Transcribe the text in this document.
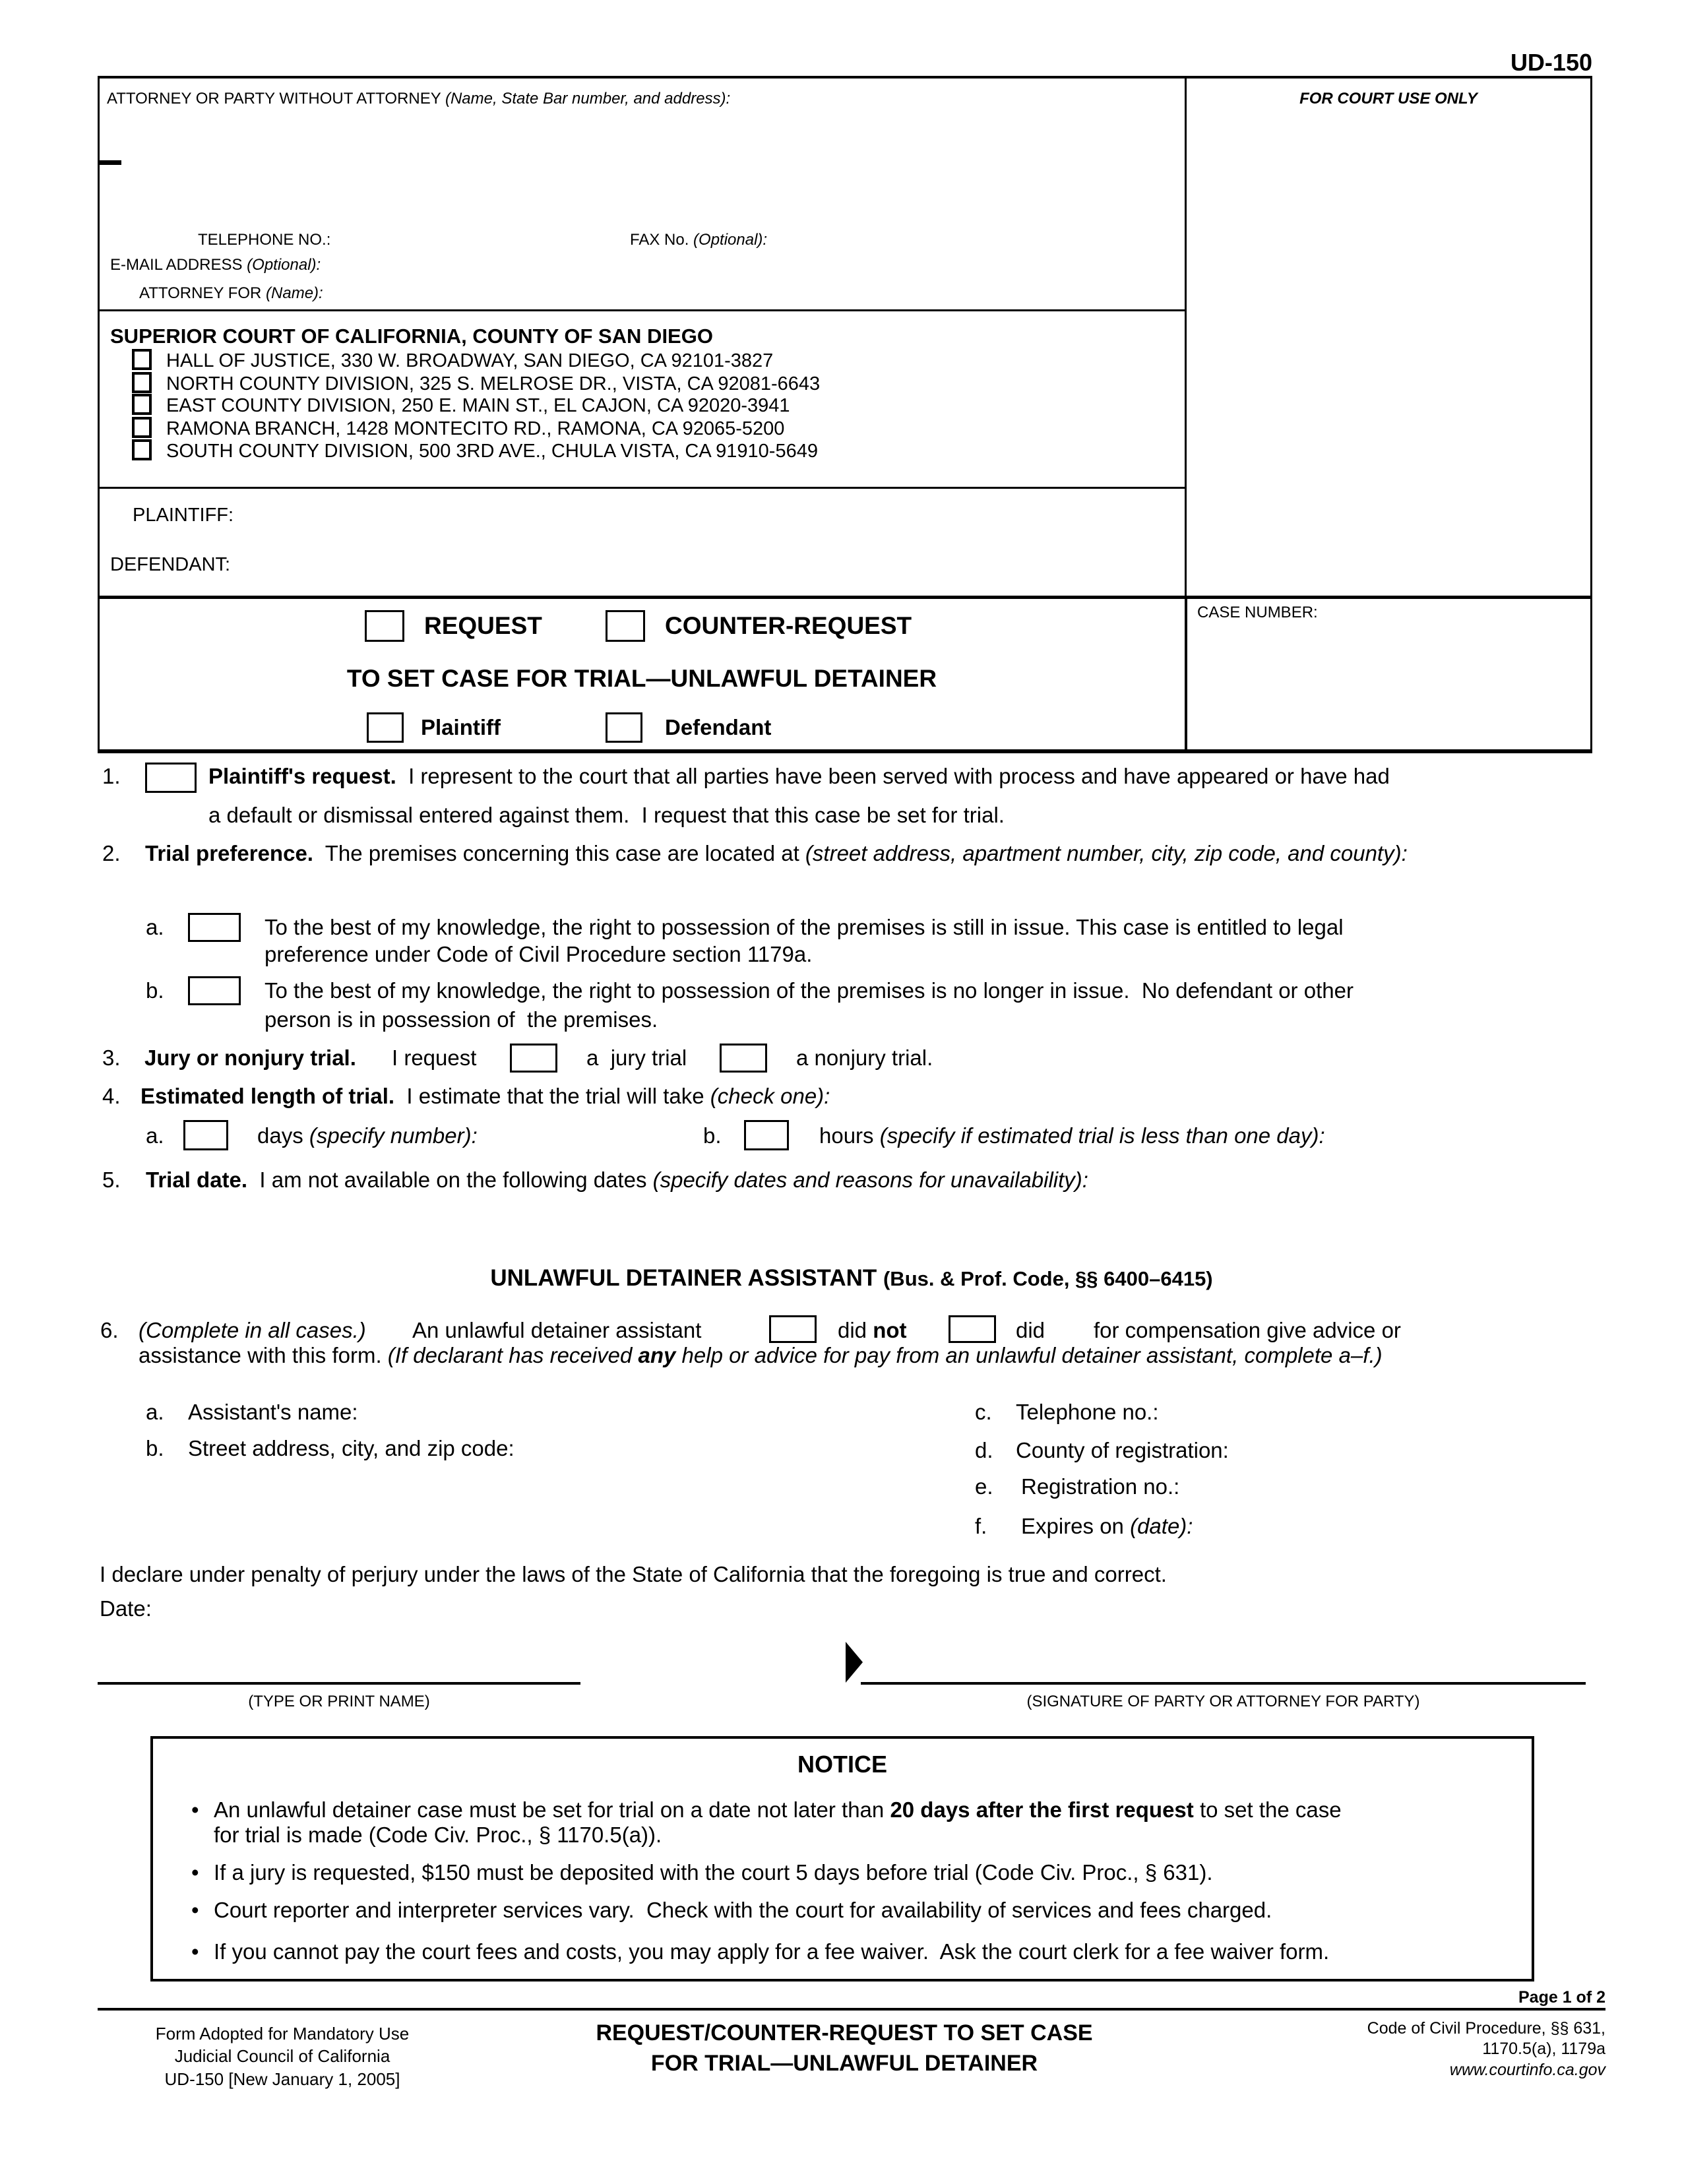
UD-150
ATTORNEY OR PARTY WITHOUT ATTORNEY (Name, State Bar number, and address):
TELEPHONE NO.:	FAX No. (Optional):
E-MAIL ADDRESS (Optional):
ATTORNEY FOR (Name):
FOR COURT USE ONLY
SUPERIOR COURT OF CALIFORNIA, COUNTY OF SAN DIEGO
HALL OF JUSTICE, 330 W. BROADWAY, SAN DIEGO, CA 92101-3827
NORTH COUNTY DIVISION, 325 S. MELROSE DR., VISTA, CA 92081-6643
EAST COUNTY DIVISION, 250 E. MAIN ST., EL CAJON, CA 92020-3941
RAMONA BRANCH, 1428 MONTECITO RD., RAMONA, CA 92065-5200
SOUTH COUNTY DIVISION, 500 3RD AVE., CHULA VISTA, CA 91910-5649
PLAINTIFF:
DEFENDANT:
REQUEST	COUNTER-REQUEST
TO SET CASE FOR TRIAL—UNLAWFUL DETAINER
Plaintiff	Defendant
CASE NUMBER:
1.	Plaintiff's request. I represent to the court that all parties have been served with process and have appeared or have had
a default or dismissal entered against them.  I request that this case be set for trial.
2. Trial preference.  The premises concerning this case are located at (street address, apartment number, city, zip code, and county):
a.	To the best of my knowledge, the right to possession of the premises is still in issue. This case is entitled to legal
preference under Code of Civil Procedure section 1179a.
b.	To the best of my knowledge, the right to possession of the premises is no longer in issue.  No defendant or other
person is in possession of  the premises.
3. Jury or nonjury trial. I request	a  jury trial	a nonjury trial.
4. Estimated length of trial.  I estimate that the trial will take (check one):
a.	days (specify number):	b.	hours (specify if estimated trial is less than one day):
5. Trial date.  I am not available on the following dates (specify dates and reasons for unavailability):
UNLAWFUL DETAINER ASSISTANT (Bus. & Prof. Code, §§ 6400–6415)
6. (Complete in all cases.) An unlawful detainer assistant	did not	did for compensation give advice or
assistance with this form. (If declarant has received any help or advice for pay from an unlawful detainer assistant, complete a–f.)
a. Assistant's name:
b. Street address, city, and zip code:
c. Telephone no.:
d. County of registration:
e. Registration no.:
f. Expires on (date):
I declare under penalty of perjury under the laws of the State of California that the foregoing is true and correct.
Date:
(TYPE OR PRINT NAME)	(SIGNATURE OF PARTY OR ATTORNEY FOR PARTY)
NOTICE
• An unlawful detainer case must be set for trial on a date not later than 20 days after the first request to set the case
for trial is made (Code Civ. Proc., § 1170.5(a)).
• If a jury is requested, $150 must be deposited with the court 5 days before trial (Code Civ. Proc., § 631).
• Court reporter and interpreter services vary.  Check with the court for availability of services and fees charged.
• If you cannot pay the court fees and costs, you may apply for a fee waiver.  Ask the court clerk for a fee waiver form.
Page 1 of 2
Form Adopted for Mandatory Use
Judicial Council of California
UD-150 [New January 1, 2005]
REQUEST/COUNTER-REQUEST TO SET CASE
FOR TRIAL—UNLAWFUL DETAINER
Code of Civil Procedure, §§ 631,
1170.5(a), 1179a
www.courtinfo.ca.gov
